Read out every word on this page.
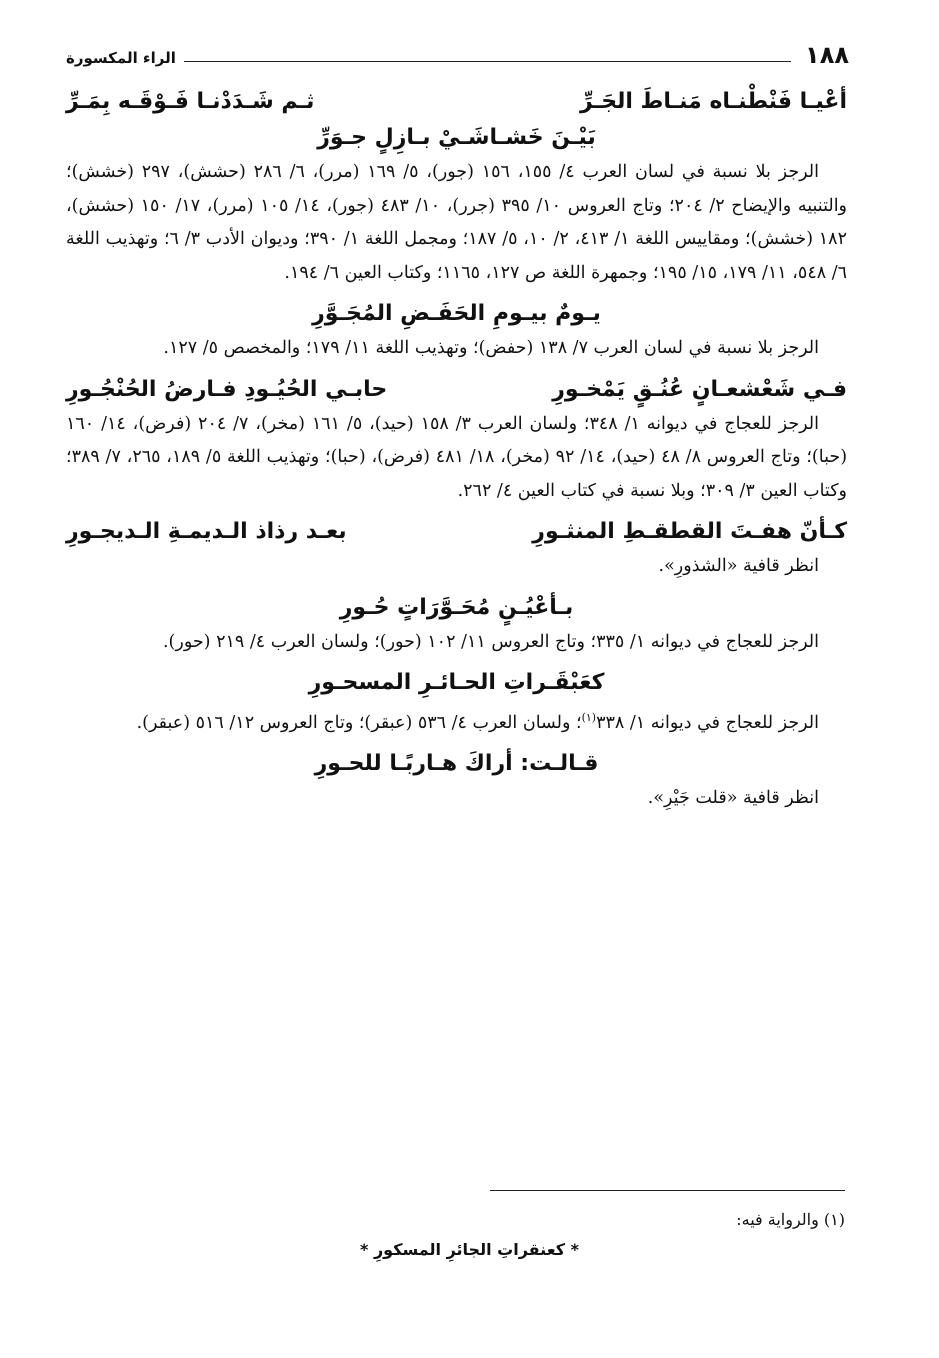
١٨٨
الراء المكسورة
أعْيـا فَنْطْنـاه مَنـاطَ الجَـرِّ
ثـم شَـدَدْنـا فَـوْقَـه بِمَـرِّ
بَيْـنَ خَشـاشَـيْ بـازِلٍ جـوَرِّ

الرجز بلا نسبة في لسان العرب ٤/ ١٥٥، ١٥٦ (جور)، ٥/ ١٦٩ (مرر)، ٦/ ٢٨٦ (حشش)، ٢٩٧ (خشش)؛ والتنبيه والإيضاح ٢/ ٢٠٤؛ وتاج العروس ١٠/ ٣٩٥ (جرر)، ١٠/ ٤٨٣ (جور)، ١٤/ ١٠٥ (مرر)، ١٧/ ١٥٠ (حشش)، ١٨٢ (خشش)؛ ومقاييس اللغة ١/ ٤١٣، ٢/ ١٠، ٥/ ١٨٧؛ ومجمل اللغة ١/ ٣٩٠؛ وديوان الأدب ٣/ ٦؛ وتهذيب اللغة ٦/ ٥٤٨، ١١/ ١٧٩، ١٥/ ١٩٥؛ وجمهرة اللغة ص ١٢٧، ١١٦٥؛ وكتاب العين ٦/ ١٩٤.

يـومٌ بيـومِ الحَفَـضِ المُجَـوَّرِ

الرجز بلا نسبة في لسان العرب ٧/ ١٣٨ (حفض)؛ وتهذيب اللغة ١١/ ١٧٩؛ والمخصص ٥/ ١٢٧.

فـي شَعْشعـانٍ عُنُـقٍ يَمْخـورِ
حابـي الحُيُـودِ فـارضُ الحُنْجُـورِ

الرجز للعجاج في ديوانه ١/ ٣٤٨؛ ولسان العرب ٣/ ١٥٨ (حيد)، ٥/ ١٦١ (مخر)، ٧/ ٢٠٤ (فرض)، ١٤/ ١٦٠ (حبا)؛ وتاج العروس ٨/ ٤٨ (حيد)، ١٤/ ٩٢ (مخر)، ١٨/ ٤٨١ (فرض)، (حبا)؛ وتهذيب اللغة ٥/ ١٨٩، ٢٦٥، ٧/ ٣٨٩؛ وكتاب العين ٣/ ٣٠٩؛ وبلا نسبة في كتاب العين ٤/ ٢٦٢.

كـأنّ هفـتَ القطقـطِ المنثـورِ
بعـد رذاذ الـديمـةِ الـديجـورِ

انظر قافية «الشذورِ».

بـأعْيُـنٍ مُحَـوَّرَاتٍ حُـورِ

الرجز للعجاج في ديوانه ١/ ٣٣٥؛ وتاج العروس ١١/ ١٠٢ (حور)؛ ولسان العرب ٤/ ٢١٩ (حور).

كعَبْقَـراتِ الحـائـرِ المسحـورِ

الرجز للعجاج في ديوانه ١/ ٣٣٨$^{(١)}$؛ ولسان العرب ٤/ ٥٣٦ (عبقر)؛ وتاج العروس ١٢/ ٥١٦ (عبقر).

قـالـت: أراكَ هـاربًـا للحـورِ

انظر قافية «قلت جَيْرِ».

(١) والرواية فيه:
* كعنقراتِ الجائرِ المسكورِ *
